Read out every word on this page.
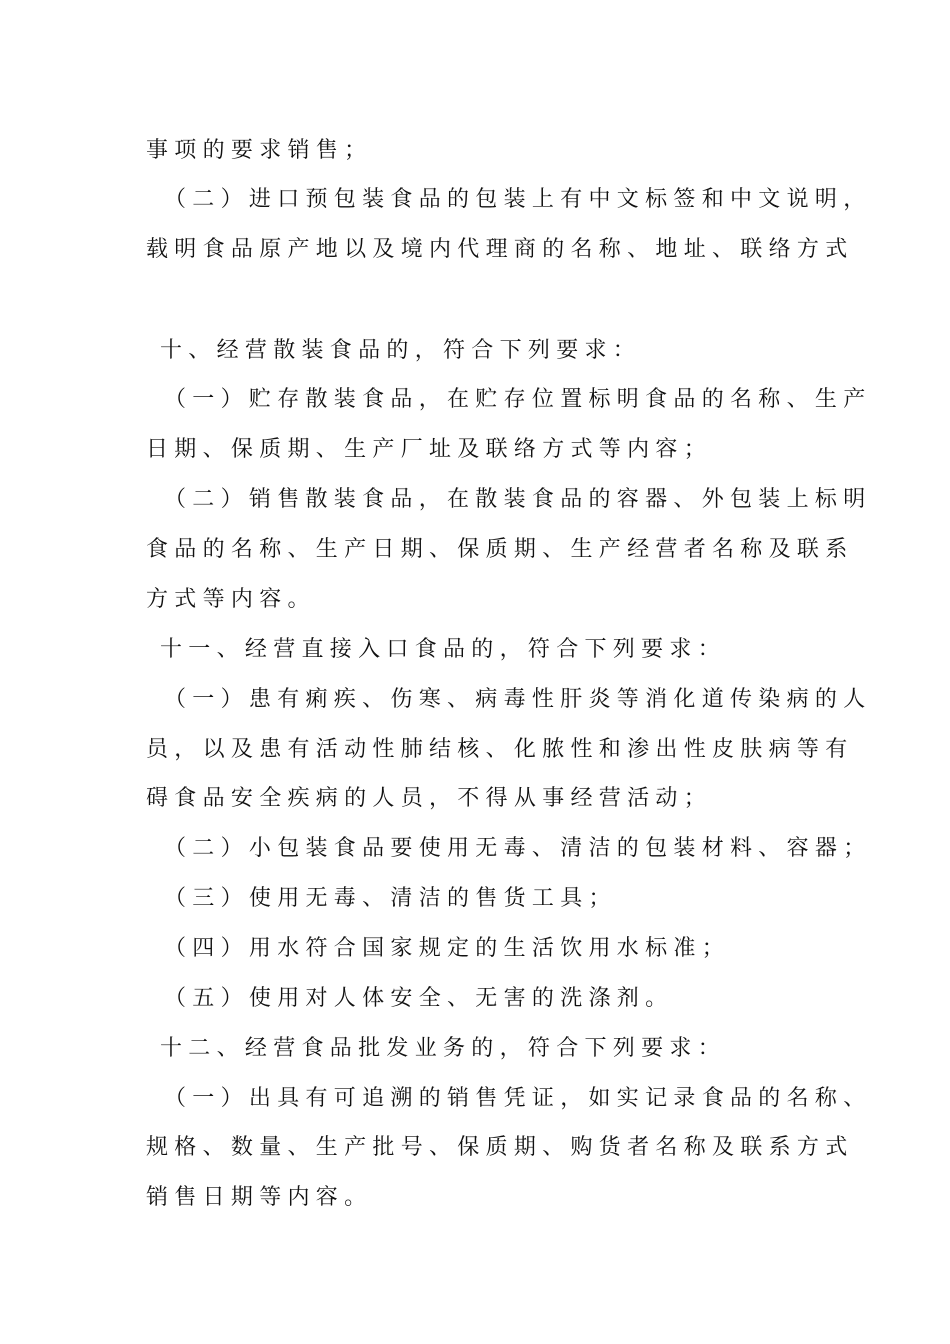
事项的要求销售；
（二）进口预包装食品的包装上有中文标签和中文说明，
载明食品原产地以及境内代理商的名称、地址、联络方式
十、经营散装食品的，符合下列要求：
（一）贮存散装食品，在贮存位置标明食品的名称、生产
日期、保质期、生产厂址及联络方式等内容；
（二）销售散装食品，在散装食品的容器、外包装上标明
食品的名称、生产日期、保质期、生产经营者名称及联系
方式等内容。
十一、经营直接入口食品的，符合下列要求：
（一）患有痢疾、伤寒、病毒性肝炎等消化道传染病的人
员，以及患有活动性肺结核、化脓性和渗出性皮肤病等有
碍食品安全疾病的人员，不得从事经营活动；
（二）小包装食品要使用无毒、清洁的包装材料、容器；
（三）使用无毒、清洁的售货工具；
（四）用水符合国家规定的生活饮用水标准；
（五）使用对人体安全、无害的洗涤剂。
十二、经营食品批发业务的，符合下列要求：
（一）出具有可追溯的销售凭证，如实记录食品的名称、
规格、数量、生产批号、保质期、购货者名称及联系方式
销售日期等内容。
